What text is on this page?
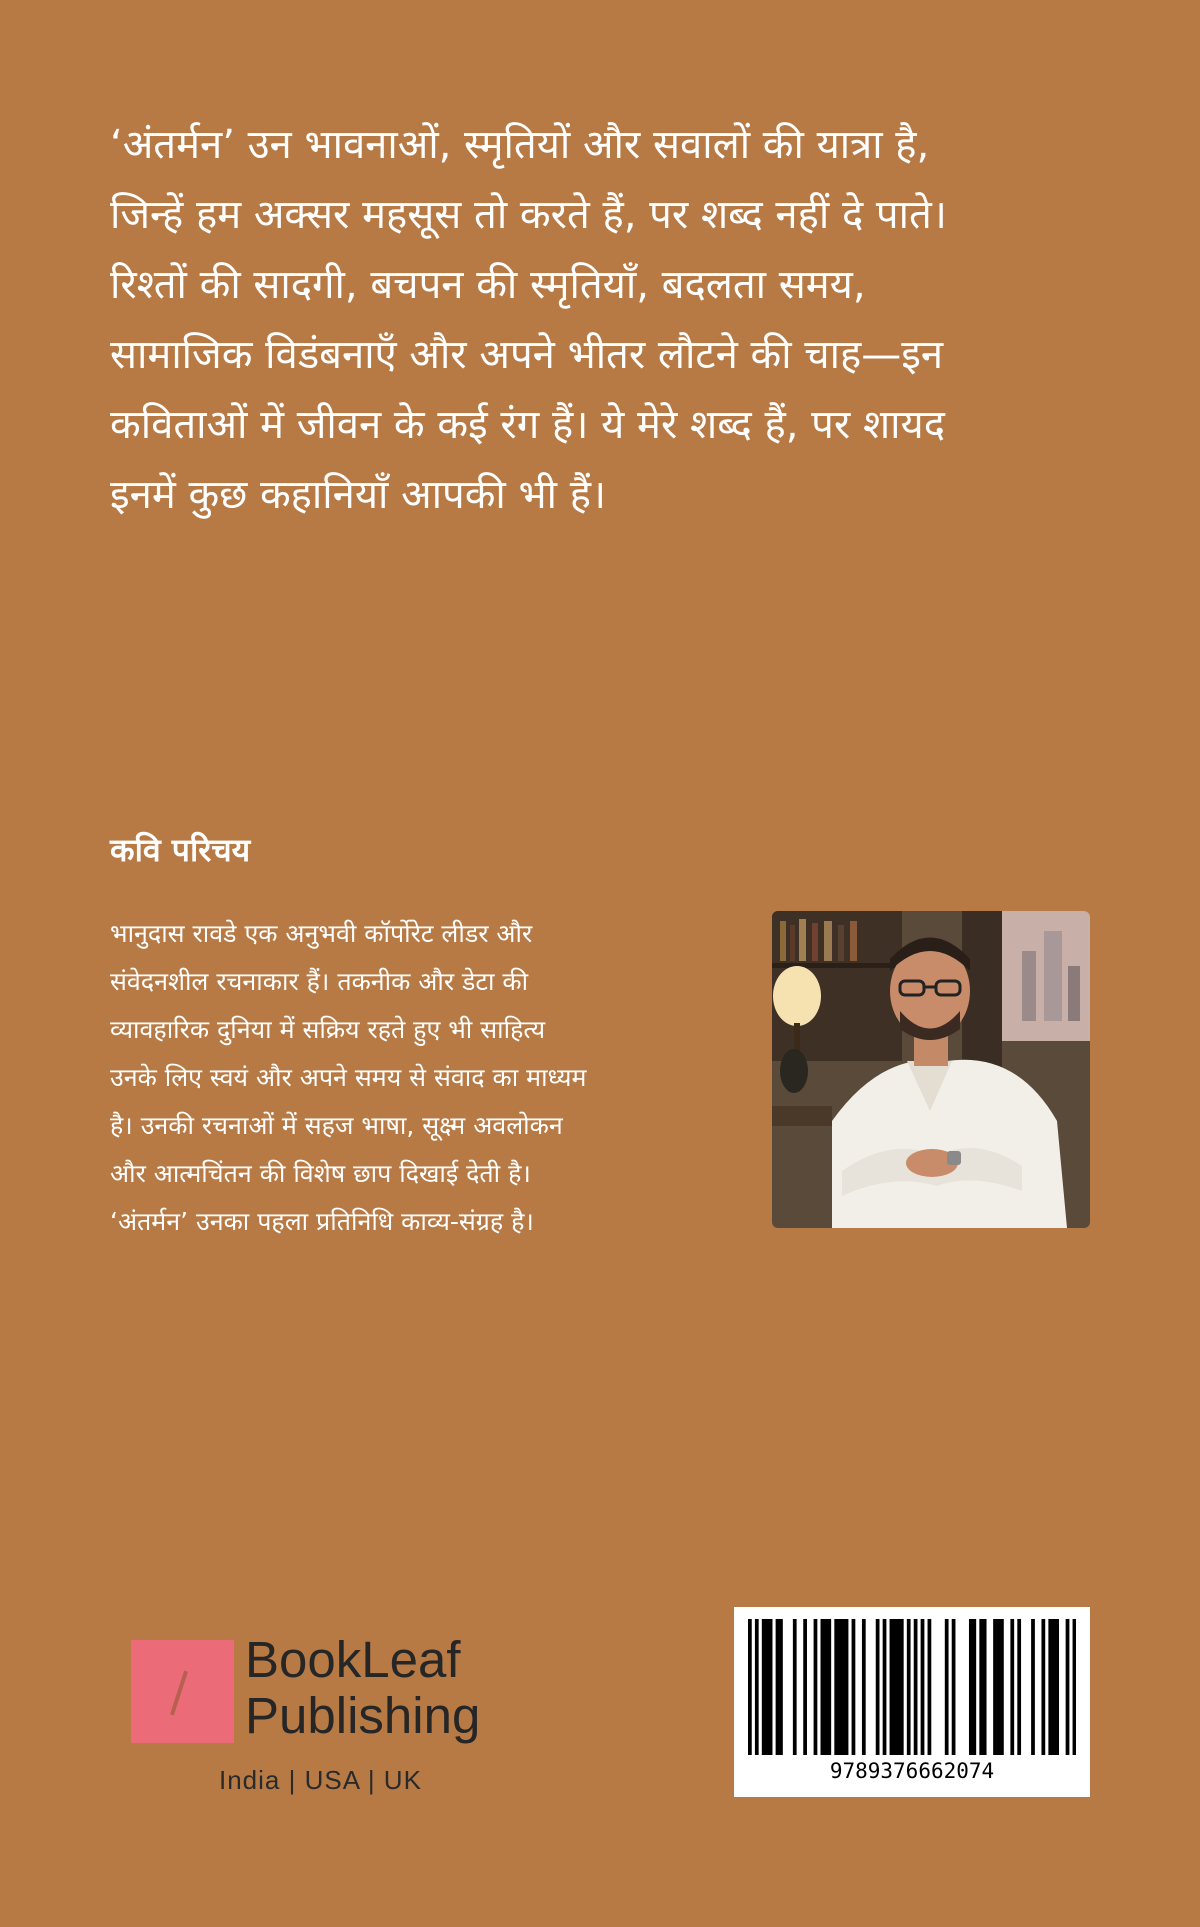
‘अंतर्मन’ उन भावनाओं, स्मृतियों और सवालों की यात्रा है,

जिन्हें हम अक्सर महसूस तो करते हैं, पर शब्द नहीं दे पाते।

रिश्तों की सादगी, बचपन की स्मृतियाँ, बदलता समय,

सामाजिक विडंबनाएँ और अपने भीतर लौटने की चाह—इन

कविताओं में जीवन के कई रंग हैं। ये मेरे शब्द हैं, पर शायद

इनमें कुछ कहानियाँ आपकी भी हैं।

कवि परिचय

भानुदास रावडे एक अनुभवी कॉर्पोरेट लीडर और

संवेदनशील रचनाकार हैं। तकनीक और डेटा की

व्यावहारिक दुनिया में सक्रिय रहते हुए भी साहित्य

उनके लिए स्वयं और अपने समय से संवाद का माध्यम

है। उनकी रचनाओं में सहज भाषा, सूक्ष्म अवलोकन

और आत्मचिंतन की विशेष छाप दिखाई देती है।

‘अंतर्मन’ उनका पहला प्रतिनिधि काव्य-संग्रह है।

BookLeaf
Publishing
India | USA | UK	9789376662074
